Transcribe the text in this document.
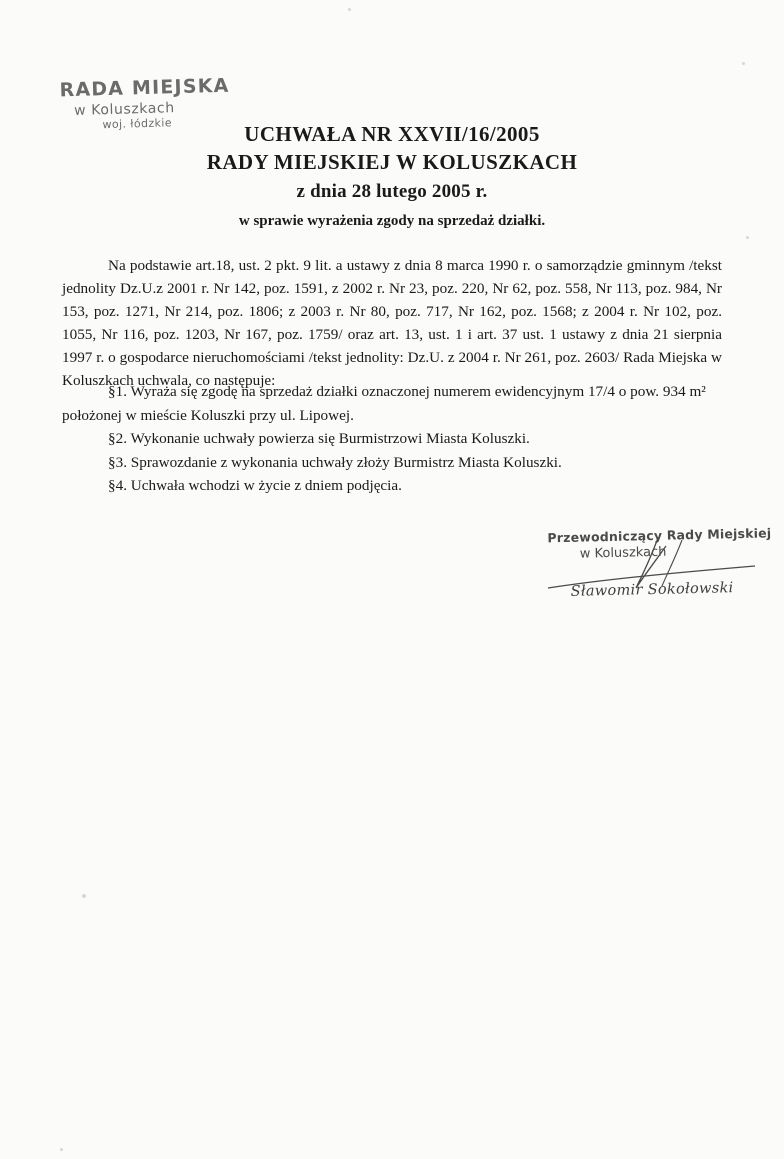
RADA MIEJSKA
w Koluszkach
woj. łódzkie	UCHWAŁA NR XXVII/16/2005
RADY MIEJSKIEJ W KOLUSZKACH
z dnia 28 lutego 2005 r.
w sprawie wyrażenia zgody na sprzedaż działki.
Na podstawie art.18, ust. 2 pkt. 9 lit. a ustawy z dnia 8 marca 1990 r. o samorządzie gminnym /tekst jednolity Dz.U.z 2001 r. Nr 142, poz. 1591, z 2002 r. Nr 23, poz. 220, Nr 62, poz. 558, Nr 113, poz. 984, Nr 153, poz. 1271, Nr 214, poz. 1806; z 2003 r. Nr 80, poz. 717, Nr 162, poz. 1568; z 2004 r. Nr 102, poz. 1055, Nr 116, poz. 1203, Nr 167, poz. 1759/ oraz art. 13, ust. 1 i art. 37 ust. 1 ustawy z dnia 21 sierpnia 1997 r. o gospodarce nieruchomościami /tekst jednolity: Dz.U. z 2004 r. Nr 261, poz. 2603/ Rada Miejska w Koluszkach uchwala, co następuje:

§1. Wyraża się zgodę na sprzedaż działki oznaczonej numerem ewidencyjnym 17/4 o pow. 934 m² położonej w mieście Koluszki przy ul. Lipowej.

§2. Wykonanie uchwały powierza się Burmistrzowi Miasta Koluszki.

§3. Sprawozdanie z wykonania uchwały złoży Burmistrz Miasta Koluszki.

§4. Uchwała wchodzi w życie z dniem podjęcia.

Przewodniczący Rady Miejskiej
w Koluszkach
Sławomir Sokołowski
